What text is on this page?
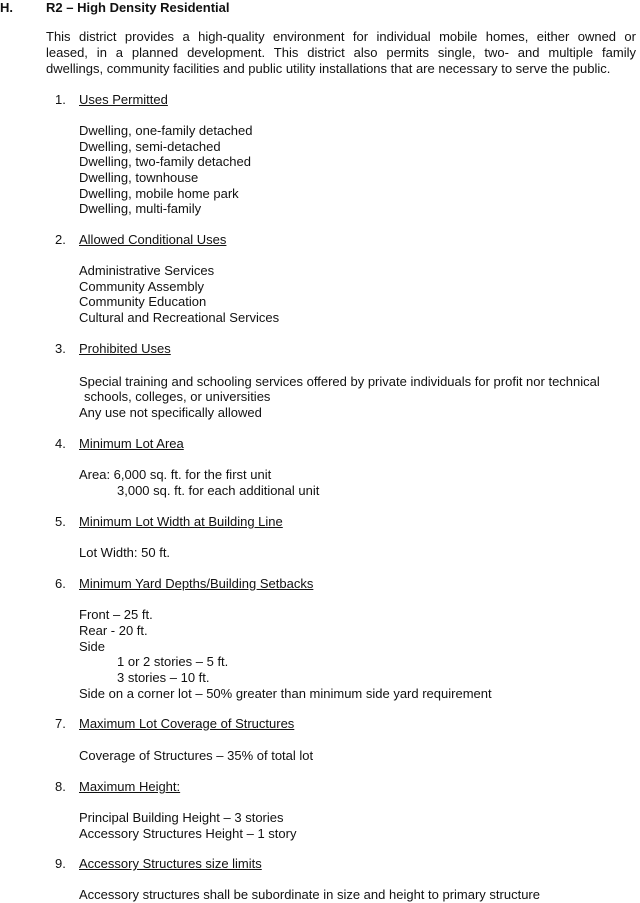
H.	R2 – High Density Residential
This district provides a high-quality environment for individual mobile homes, either owned or
leased, in a planned development. This district also permits single, two- and multiple family
dwellings, community facilities and public utility installations that are necessary to serve the public.
1. Uses Permitted
Dwelling, one-family detached
Dwelling, semi-detached
Dwelling, two-family detached
Dwelling, townhouse
Dwelling, mobile home park
Dwelling, multi-family
2. Allowed Conditional Uses
Administrative Services
Community Assembly
Community Education
Cultural and Recreational Services
3. Prohibited Uses
Special training and schooling services offered by private individuals for profit nor technical
schools, colleges, or universities
Any use not specifically allowed
4. Minimum Lot Area
Area: 6,000 sq. ft. for the first unit
3,000 sq. ft. for each additional unit
5. Minimum Lot Width at Building Line
Lot Width: 50 ft.
6. Minimum Yard Depths/Building Setbacks
Front – 25 ft.
Rear - 20 ft.
Side
1 or 2 stories – 5 ft.
3 stories – 10 ft.
Side on a corner lot – 50% greater than minimum side yard requirement
7. Maximum Lot Coverage of Structures
Coverage of Structures – 35% of total lot
8. Maximum Height:
Principal Building Height – 3 stories
Accessory Structures Height – 1 story
9. Accessory Structures size limits
Accessory structures shall be subordinate in size and height to primary structure
